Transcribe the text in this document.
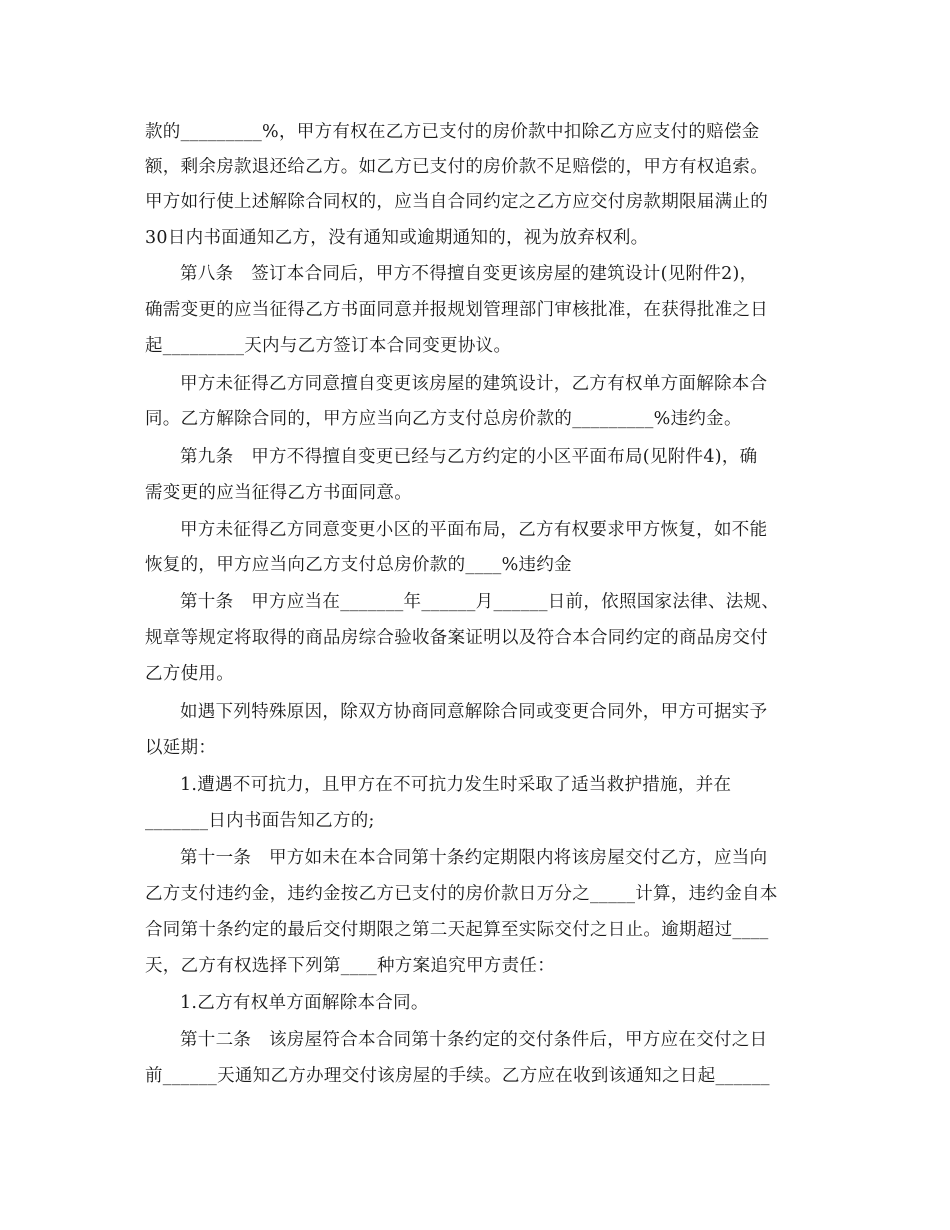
款的_________%，甲方有权在乙方已支付的房价款中扣除乙方应支付的赔偿金
额，剩余房款退还给乙方。如乙方已支付的房价款不足赔偿的，甲方有权追索。
甲方如行使上述解除合同权的，应当自合同约定之乙方应交付房款期限届满止的
30日内书面通知乙方，没有通知或逾期通知的，视为放弃权利。
第八条　签订本合同后，甲方不得擅自变更该房屋的建筑设计(见附件2)，
确需变更的应当征得乙方书面同意并报规划管理部门审核批准，在获得批准之日
起_________天内与乙方签订本合同变更协议。
甲方未征得乙方同意擅自变更该房屋的建筑设计，乙方有权单方面解除本合
同。乙方解除合同的，甲方应当向乙方支付总房价款的_________%违约金。
第九条　甲方不得擅自变更已经与乙方约定的小区平面布局(见附件4)，确
需变更的应当征得乙方书面同意。
甲方未征得乙方同意变更小区的平面布局，乙方有权要求甲方恢复，如不能
恢复的，甲方应当向乙方支付总房价款的____%违约金
第十条　甲方应当在_______年______月______日前，依照国家法律、法规、
规章等规定将取得的商品房综合验收备案证明以及符合本合同约定的商品房交付
乙方使用。
如遇下列特殊原因，除双方协商同意解除合同或变更合同外，甲方可据实予
以延期：
1.遭遇不可抗力，且甲方在不可抗力发生时采取了适当救护措施，并在
_______日内书面告知乙方的;
第十一条　甲方如未在本合同第十条约定期限内将该房屋交付乙方，应当向
乙方支付违约金，违约金按乙方已支付的房价款日万分之_____计算，违约金自本
合同第十条约定的最后交付期限之第二天起算至实际交付之日止。逾期超过____
天，乙方有权选择下列第____种方案追究甲方责任：
1.乙方有权单方面解除本合同。
第十二条　该房屋符合本合同第十条约定的交付条件后，甲方应在交付之日
前______天通知乙方办理交付该房屋的手续。乙方应在收到该通知之日起______
